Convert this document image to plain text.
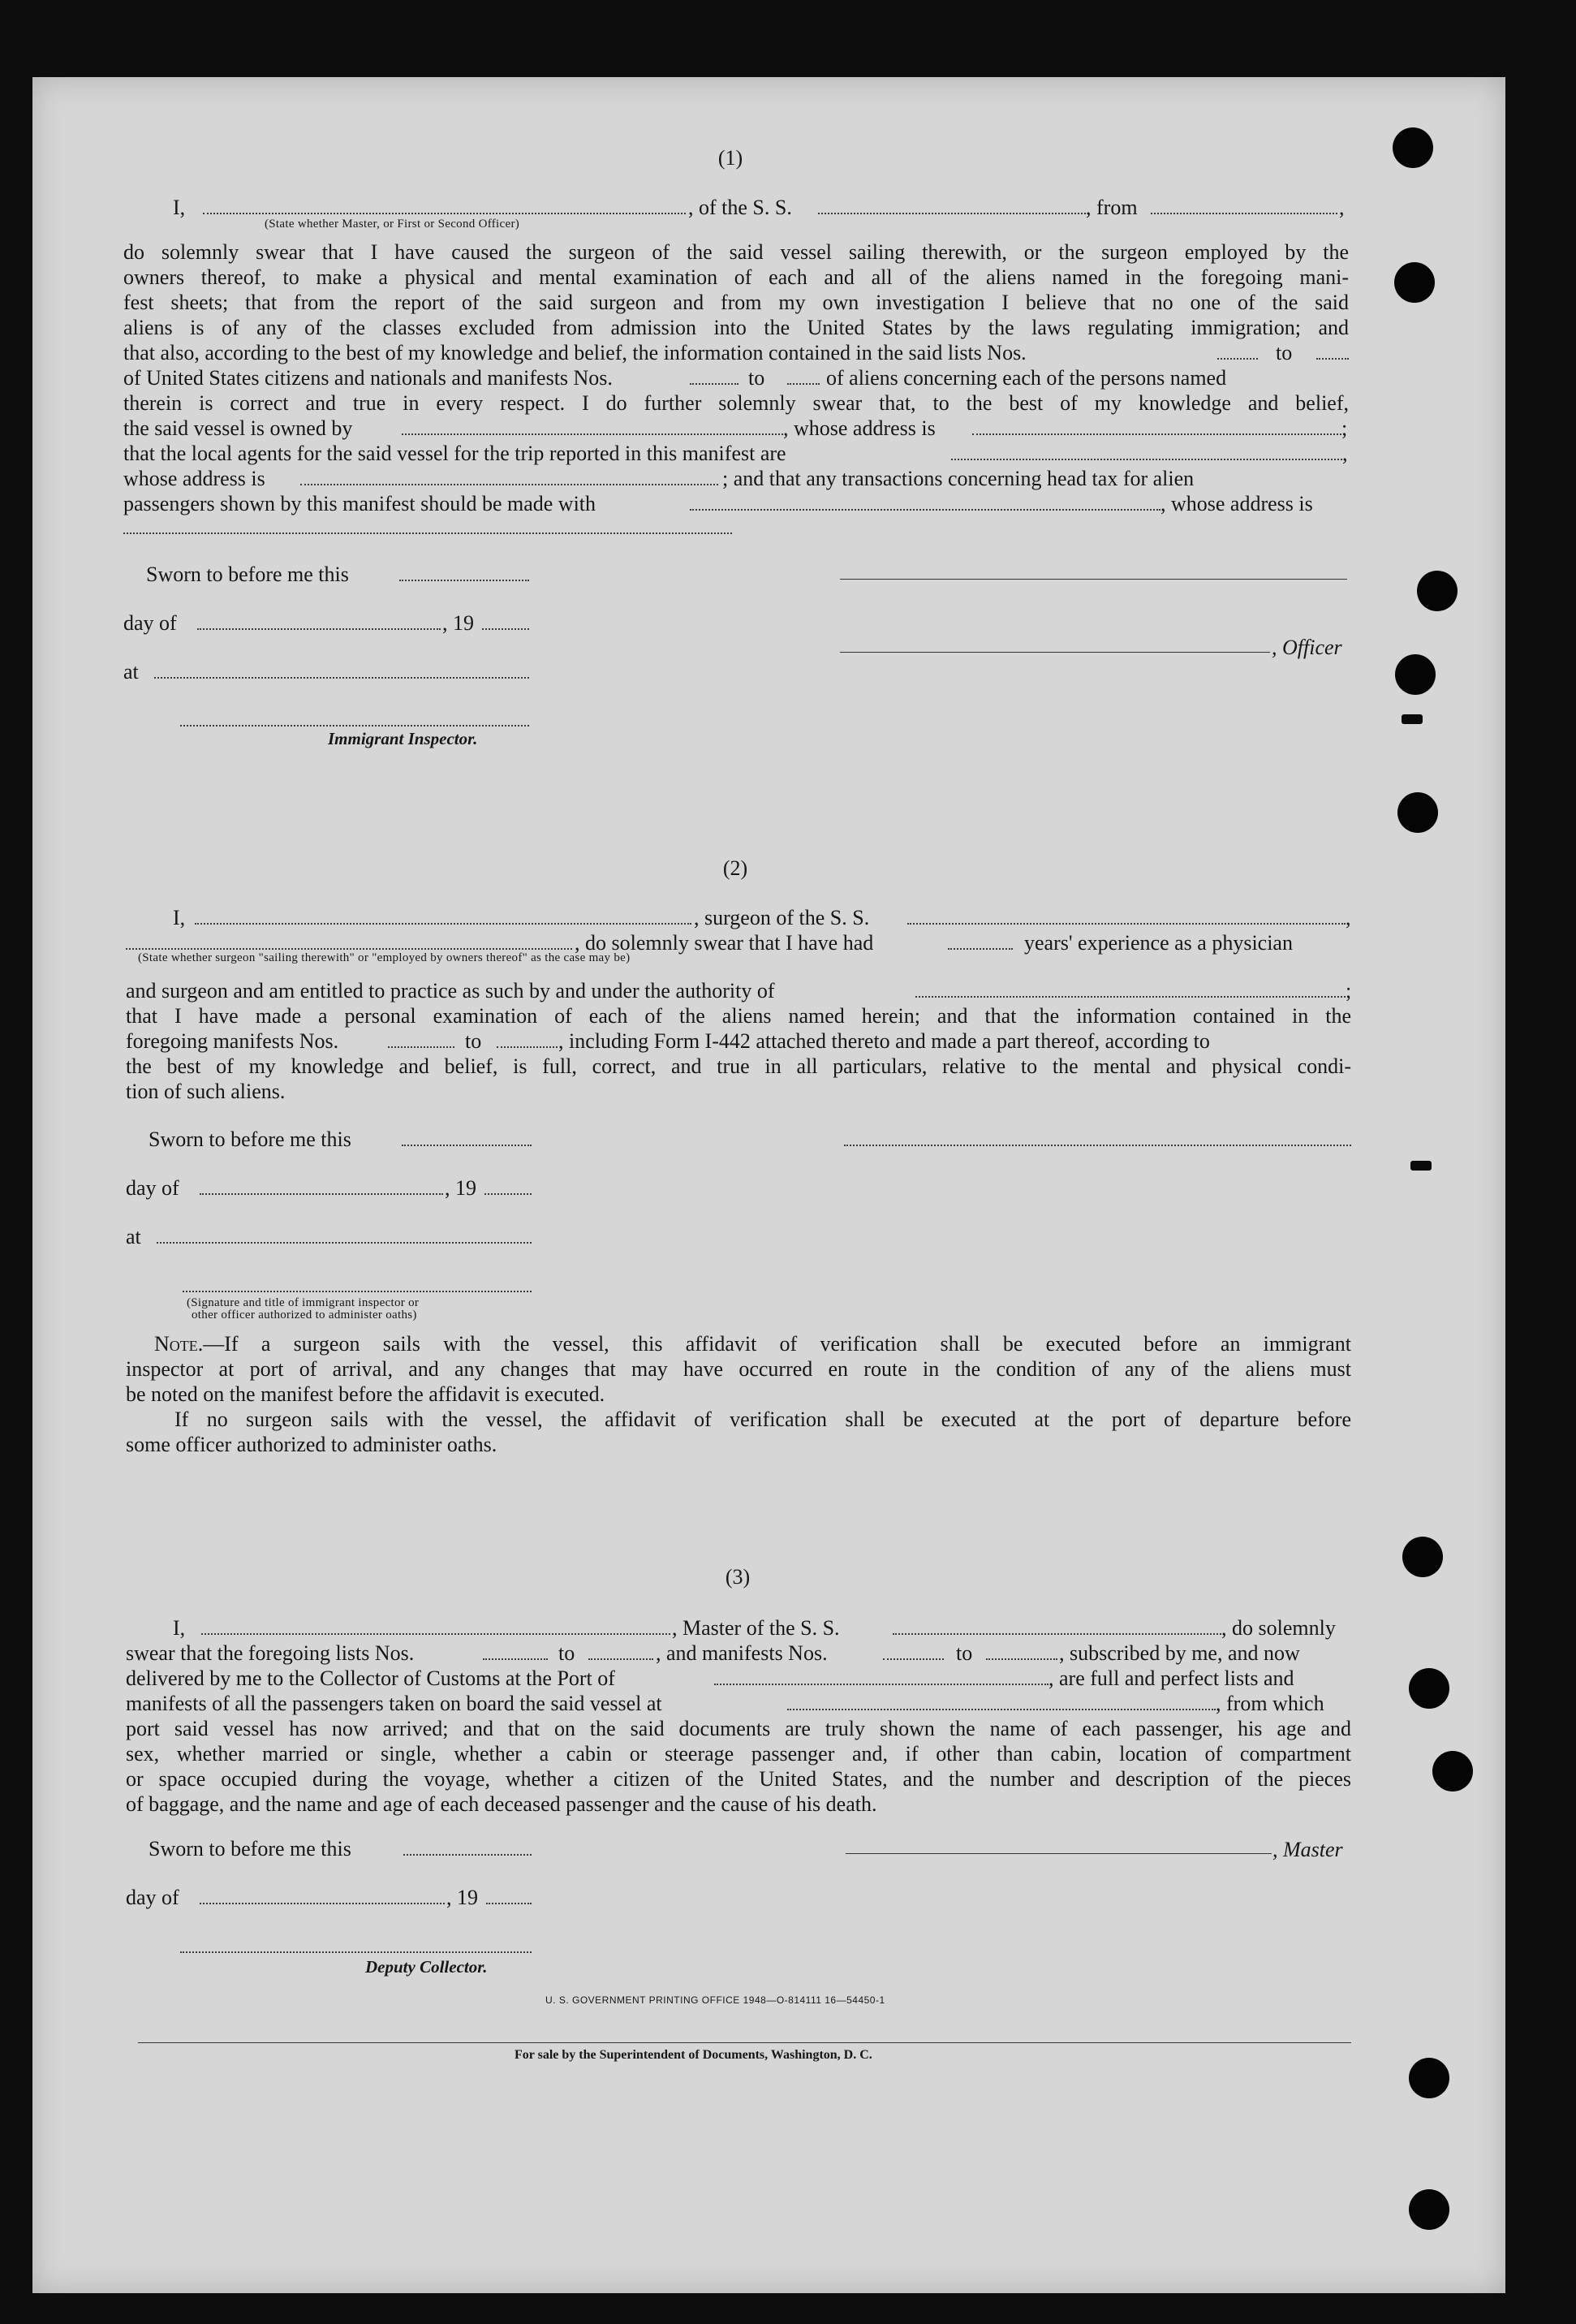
(1)
I,	, of the S. S.	, from	,
(State whether Master, or First or Second Officer)
do solemnly swear that I have caused the surgeon of the said vessel sailing therewith, or the surgeon employed by the
owners thereof, to make a physical and mental examination of each and all of the aliens named in the foregoing mani-
fest sheets; that from the report of the said surgeon and from my own investigation I believe that no one of the said
aliens is of any of the classes excluded from admission into the United States by the laws regulating immigration; and
that also, according to the best of my knowledge and belief, the information contained in the said lists Nos.	to
of United States citizens and nationals and manifests Nos.	to	of aliens concerning each of the persons named
therein is correct and true in every respect. I do further solemnly swear that, to the best of my knowledge and belief,
the said vessel is owned by	, whose address is	;
that the local agents for the said vessel for the trip reported in this manifest are	,
whose address is	; and that any transactions concerning head tax for alien
passengers shown by this manifest should be made with	, whose address is
Sworn to before me this
day of	, 19
, Officer
at
Immigrant Inspector.
(2)
I,	, surgeon of the S. S.	,
, do solemnly swear that I have had	years' experience as a physician
(State whether surgeon "sailing therewith" or "employed by owners thereof" as the case may be)
and surgeon and am entitled to practice as such by and under the authority of	;
that I have made a personal examination of each of the aliens named herein; and that the information contained in the
foregoing manifests Nos.	to	, including Form I-442 attached thereto and made a part thereof, according to
the best of my knowledge and belief, is full, correct, and true in all particulars, relative to the mental and physical condi-
tion of such aliens.
Sworn to before me this
day of	, 19
at
(Signature and title of immigrant inspector or
other officer authorized to administer oaths)
Note.—If a surgeon sails with the vessel, this affidavit of verification shall be executed before an immigrant
inspector at port of arrival, and any changes that may have occurred en route in the condition of any of the aliens must
be noted on the manifest before the affidavit is executed.
If no surgeon sails with the vessel, the affidavit of verification shall be executed at the port of departure before
some officer authorized to administer oaths.
(3)
I,	, Master of the S. S.	, do solemnly
swear that the foregoing lists Nos.	to	, and manifests Nos.	to	, subscribed by me, and now
delivered by me to the Collector of Customs at the Port of	, are full and perfect lists and
manifests of all the passengers taken on board the said vessel at	, from which
port said vessel has now arrived; and that on the said documents are truly shown the name of each passenger, his age and
sex, whether married or single, whether a cabin or steerage passenger and, if other than cabin, location of compartment
or space occupied during the voyage, whether a citizen of the United States, and the number and description of the pieces
of baggage, and the name and age of each deceased passenger and the cause of his death.
Sworn to before me this	, Master
day of	, 19
Deputy Collector.
U. S. GOVERNMENT PRINTING OFFICE 1948—O-814111 16—54450-1
For sale by the Superintendent of Documents, Washington, D. C.
